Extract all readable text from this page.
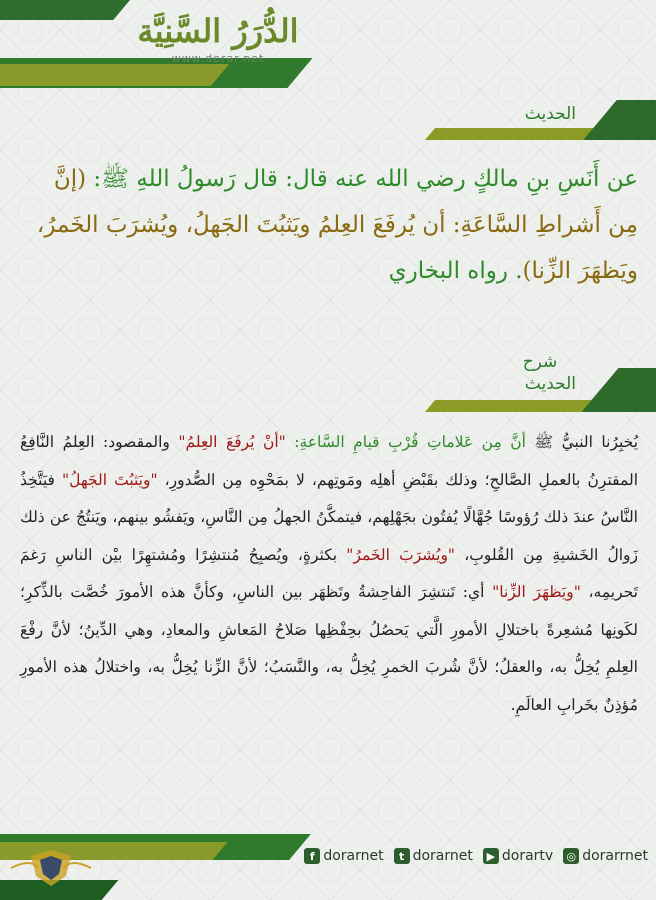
الدُّرَرُ السَّنِيَّة
www.dorar.net
الحديث
عن أَنَسِ بنِ مالكٍ رضي الله عنه قال: قال رَسولُ اللهِ ﷺ: (إنَّ مِن أَشراطِ السَّاعَةِ: أن يُرفَعَ العِلمُ ويَثبُتَ الجَهلُ، ويُشرَبَ الخَمرُ، ويَظهَرَ الزِّنا). رواه البخاري
شرح
الحديث
يُخبِرُنا النبيُّ ﷺ أنَّ مِن عَلاماتِ قُرْبِ قيامِ السَّاعةِ: "أنْ يُرفَعَ العِلمُ" والمقصود: العِلمُ النَّافِعُ المقترِنُ بالعملِ الصَّالحِ؛ وذلك بقَبْضِ أهلِه ومَوتِهم، لا بمَحْوِه مِن الصُّدورِ، "ويَثبُتَ الجَهلُ" فيَتَّخِذُ النَّاسُ عندَ ذلك رُؤوسًا جُهَّالًا يُفتُون بجَهْلِهم، فيتمكَّنُ الجهلُ مِن النَّاسِ، ويَفشُو بينهم، ويَنتُجُ عن ذلك زَوالُ الخَشيةِ مِن القُلوبِ، "ويُشرَبَ الخَمرُ" بكثرةٍ، ويُصبِحُ مُنتشِرًا ومُشتهِرًا بيْن الناسِ رَغمَ تَحريمِه، "ويَظهَرَ الزِّنا" أي: تَنتشِرَ الفاحِشةُ وتَظهَر بين الناسِ، وكأنَّ هذه الأمورَ خُصَّت بالذِّكرِ؛ لكَونِها مُشعِرةً باختلالِ الأمورِ الَّتي يَحصُلُ بحِفْظِها صَلاحُ المَعاشِ والمعادِ، وهي الدِّينُ؛ لأنَّ رفْعَ العِلمِ يُخِلُّ به، والعقلُ؛ لأنَّ شُربَ الخمرِ يُخِلُّ به، والنَّسَبُ؛ لأنَّ الزِّنا يُخِلُّ به، واختلالُ هذه الأمورِ مُؤذِنٌ بخَرابِ العالَمِ.
f dorarnet	t dorarnet	▶ dorartv ◎ dorarrnet
